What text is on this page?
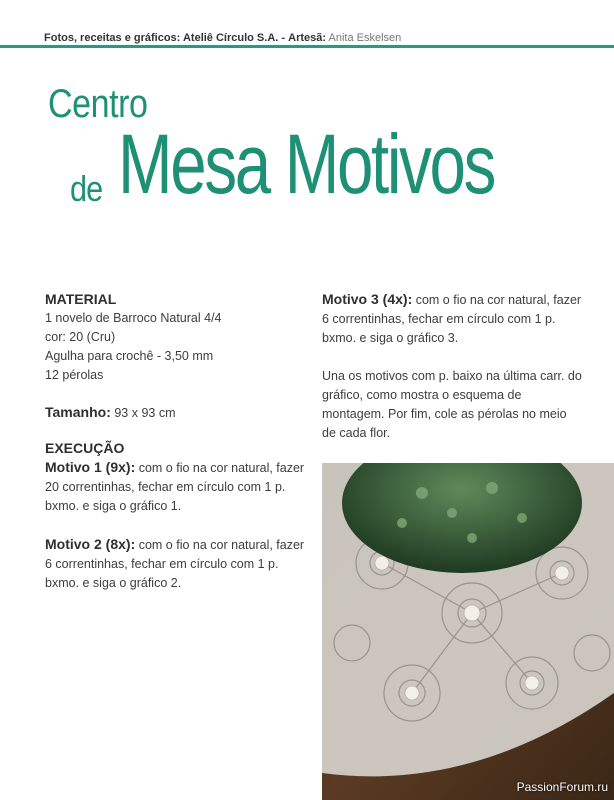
Fotos, receitas e gráficos: Ateliê Círculo S.A. - Artesã: Anita Eskelsen
Centro
Mesa Motivos
de
MATERIAL
1 novelo de Barroco Natural 4/4
cor: 20 (Cru)
Agulha para crochê - 3,50 mm
12 pérolas
Tamanho: 93 x 93 cm
EXECUÇÃO
Motivo 1 (9x): com o fio na cor natural, fazer 20 correntinhas, fechar em círculo com 1 p. bxmo. e siga o gráfico 1.
Motivo 2 (8x): com o fio na cor natural, fazer 6 correntinhas, fechar em círculo com 1 p. bxmo. e siga o gráfico 2.
Motivo 3 (4x): com o fio na cor natural, fazer 6 correntinhas, fechar em círculo com 1 p. bxmo. e siga o gráfico 3.
Una os motivos com p. baixo na última carr. do gráfico, como mostra o esquema de montagem. Por fim, cole as pérolas no meio de cada flor.
PassionForum.ru
